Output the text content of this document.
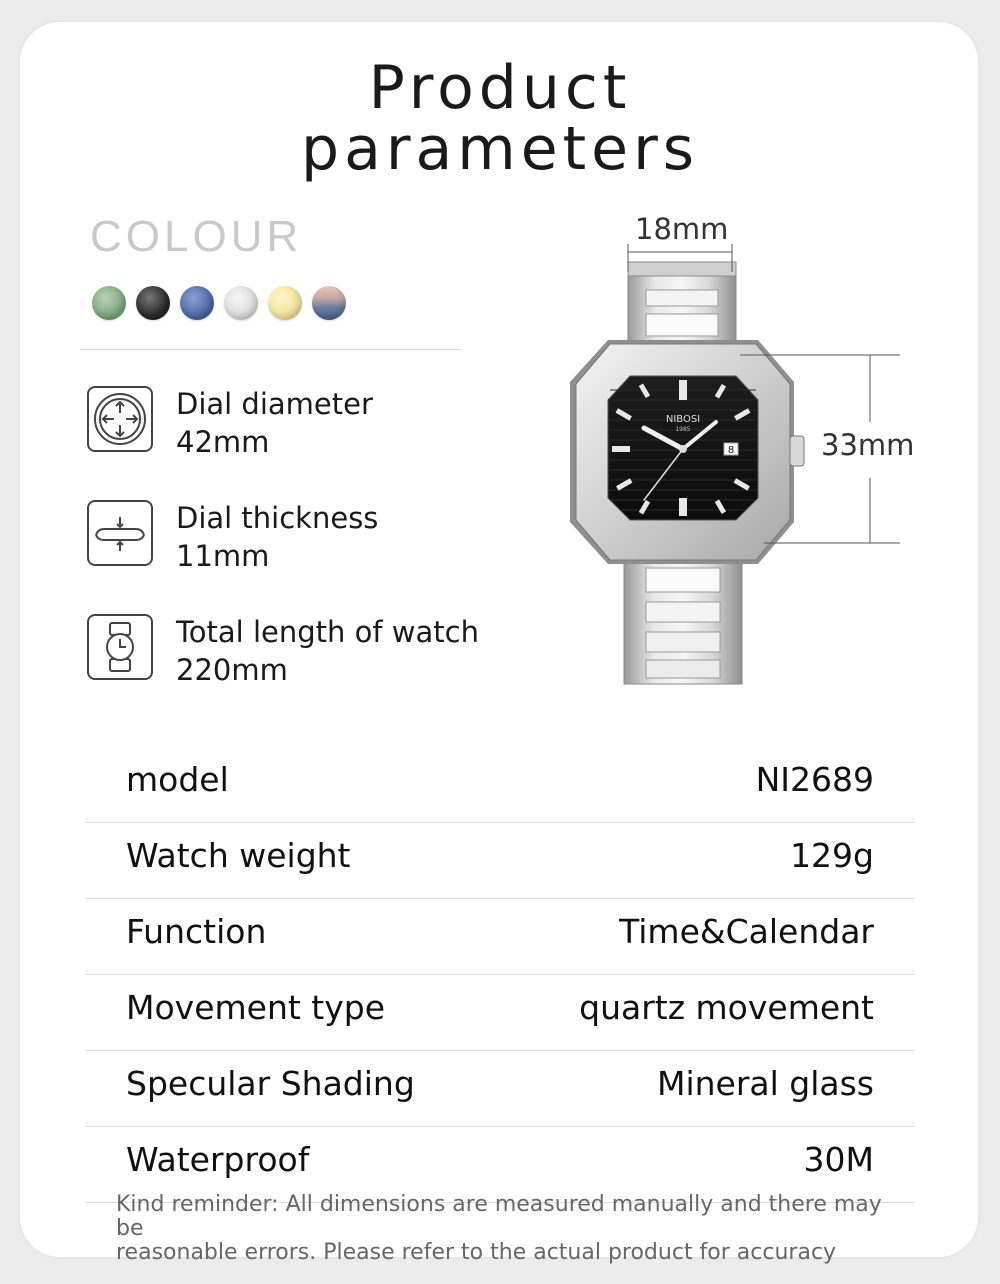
Product
parameters
COLOUR
Dial diameter
42mm
Dial thickness
11mm
Total length of watch
220mm
8
NIBOSI
1985
18mm
33mm
model	NI2689
Watch weight	129g
Function	Time&Calendar
Movement type	quartz movement
Specular Shading	Mineral glass
Waterproof	30M
Kind reminder: All dimensions are measured manually and there may be
reasonable errors. Please refer to the actual product for accuracy
